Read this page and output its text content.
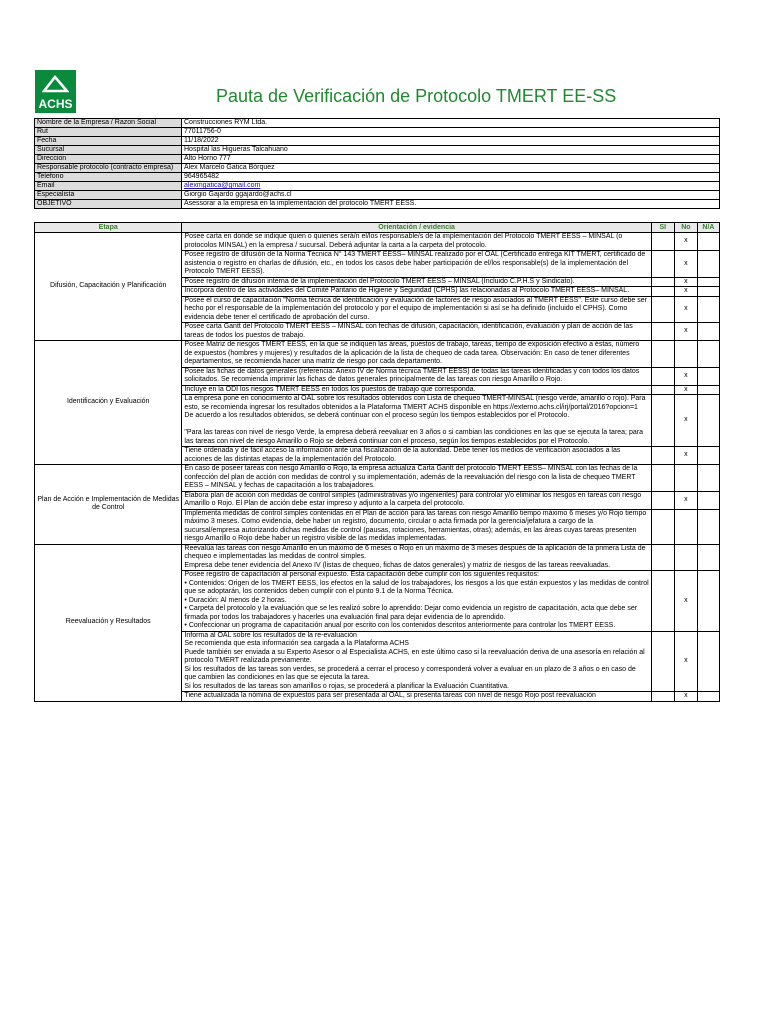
ACHS	Pauta de Verificación de Protocolo TMERT EE-SS
Nombre de la Empresa / Razon Social	Construcciones RYM Ltda.
Rut	77011756-0
Fecha	11/18/2022
Sucursal	Hospital las Higueras Talcahuano
Direccion	Alto Horno 777
Responsable protocolo (contracto empresa)	Alex Marcelo Gatica Bórquez
Telefono	964965482
Email	alexmgatica@gmail.com
Especialista	Giorgio Gajardo ggajardo@achs.cl
OBJETIVO	Asessorar a la empresa en la implementación del protocolo TMERT EESS.
Etapa	Orientación / evidencia	SI	No	N/A
Difusión, Capacitación y Planificación	Posee carta en donde se indique quien o quienes será/n el/los responsable/s de la implementación del Protocolo TMERT EESS – MINSAL (o protocolos MINSAL) en la empresa / sucursal. Deberá adjuntar la carta a la carpeta del protocolo.		x	
	Posee registro de difusión de la Norma Técnica N° 143 TMERT EESS– MINSAL realizado por el OAL (Certificado entrega KIT TMERT, certificado de asistencia o registro en charlas de difusión, etc., en todos los casos debe haber participación de el/los responsable(s) de la implementación del Protocolo TMERT EESS).		x	
	Posee registro de difusión interna de la implementación del Protocolo TMERT EESS – MINSAL (Incluido C.P.H.S y Sindicato).		x	
	Incorpora dentro de las actividades del Comité Paritario de Higiene y Seguridad (CPHS) las relacionadas al Protocolo TMERT EESS– MINSAL.		x	
	Posee el curso de capacitación "Norma técnica de identificación y evaluación de factores de riesgo asociados al TMERT EESS". Este curso debe ser hecho por el responsable de la implementación del protocolo y por el equipo de implementación si así se ha definido (incluido el CPHS). Como evidencia debe tener el certificado de aprobación del curso.		x	
	Posee carta Gantt del Protocolo TMERT EESS – MINSAL con fechas de difusión, capacitación, identificación, evaluación y plan de acción de las tareas de todos los puestos de trabajo.		x	
Identificación y Evaluación	Posee Matriz de riesgos TMERT EESS, en la que se indiquen las áreas, puestos de trabajo, tareas, tiempo de exposición efectivo a éstas, número de expuestos (hombres y mujeres) y resultados de la aplicación de la lista de chequeo de cada tarea. Observación: En caso de tener diferentes departamentos, se recomienda hacer una matriz de riesgo por cada departamento.			
	Posee las fichas de datos generales (referencia: Anexo IV de Norma técnica TMERT EESS) de todas las tareas identificadas y con todos los datos solicitados. Se recomienda imprimir las fichas de datos generales principalmente de las tareas con riesgo Amarillo o Rojo.		x	
	Incluye en la ODI los riesgos TMERT EESS en todos los puestos de trabajo que corresponda.		x	
	La empresa pone en conocimiento al OAL sobre los resultados obtenidos con Lista de chequeo TMERT-MINSAL (riesgo verde, amarillo o rojo). Para esto, se recomienda ingresar los resultados obtenidos a la Plataforma TMERT ACHS disponible en https://externo.achs.cl/irj/portal/2016?opcion=1
De acuerdo a los resultados obtenidos, se deberá continuar con el proceso según los tiempos establecidos por el Protocolo.

"Para las tareas con nivel de riesgo Verde, la empresa deberá reevaluar en 3 años o si cambian las condiciones en las que se ejecuta la tarea; para las tareas con nivel de riesgo Amarillo o Rojo se deberá continuar con el proceso, según los tiempos establecidos por el Protocolo.		x	
	Tiene ordenada y de fácil acceso la información ante una fiscalización de la autoridad. Debe tener los medios de verificación asociados a las acciones de las distintas etapas de la implementación del Protocolo.		x	
Plan de Acción e Implementación de Medidas de Control	En caso de poseer tareas con riesgo Amarillo o Rojo, la empresa actualiza Carta Gantt del protocolo TMERT EESS– MINSAL con las fechas de la confección del plan de acción con medidas de control y su implementación, además de la reevaluación del riesgo con la lista de chequeo TMERT EESS – MINSAL y fechas de capacitación a los trabajadores.			
	Elabora plan de acción con medidas de control simples (administrativas y/o ingenieriles) para controlar y/o eliminar los riesgos en tareas con riesgo Amarillo o Rojo. El Plan de acción debe estar impreso y adjunto a la carpeta del protocolo.		x	
	Implementa medidas de control simples contenidas en el Plan de acción para las tareas con riesgo Amarillo tiempo máximo 6 meses y/o Rojo tiempo máximo 3 meses. Como evidencia, debe haber un registro, documento, circular o acta firmada por la gerencia/jefatura a cargo de la sucursal/empresa autorizando dichas medidas de control (pausas, rotaciones, herramientas, otras); además, en las áreas cuyas tareas presenten riesgo Amarillo o Rojo debe haber un registro visible de las medidas implementadas.			
Reevaluación y Resultados	Reevalúa las tareas con riesgo Amarillo en un máximo de 6 meses o Rojo en un máximo de 3 meses después de la aplicación de la primera Lista de chequeo e implementadas las medidas de control simples.
Empresa debe tener evidencia del Anexo IV (listas de chequeo, fichas de datos generales) y matriz de riesgos de las tareas reevaluadas.			
	Posee registro de capacitación al personal expuesto. Esta capacitación debe cumplir con los siguientes requisitos:
• Contenidos: Origen de los TMERT EESS, los efectos en la salud de los trabajadores, los riesgos a los que están expuestos y las medidas de control que se adoptarán, los contenidos deben cumplir con el punto 9.1 de la Norma Técnica.
• Duración: Al menos de 2 horas.
• Carpeta del protocolo y la evaluación que se les realizó sobre lo aprendido: Dejar como evidencia un registro de capacitación, acta que debe ser firmada por todos los trabajadores y hacerles una evaluación final para dejar evidencia de lo aprendido.
• Confeccionar un programa de capacitación anual por escrito con los contenidos descritos anteriormente para controlar los TMERT EESS.		x	
	Informa al OAL sobre los resultados de la re-evaluación
Se recomienda que esta información sea cargada a la Plataforma ACHS
Puede también ser enviada a su Experto Asesor o al Especialista ACHS, en este último caso si la reevaluación deriva de una asesoría en relación al protocolo TMERT realizada previamente.
Si los resultados de las tareas son verdes, se procederá a cerrar el proceso y corresponderá volver a evaluar en un plazo de 3 años o en caso de que cambien las condiciones en las que se ejecuta la tarea.
Si los resultados de las tareas son amarillos o rojas, se procederá a planificar la Evaluación Cuantitativa.		x	
	Tiene actualizada la nómina de expuestos para ser presentada al OAL, si presenta tareas con nivel de riesgo Rojo post reevaluación		x	
